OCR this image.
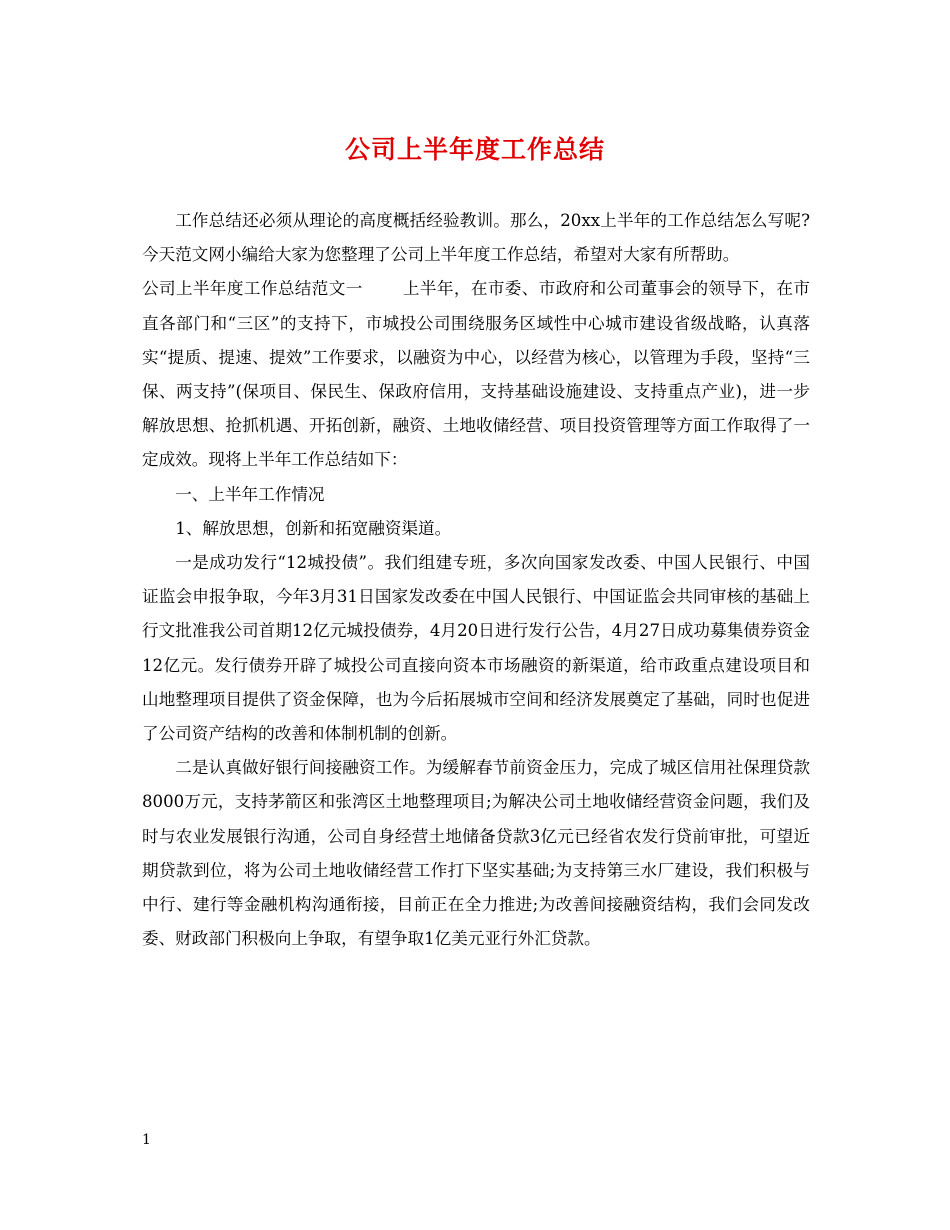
公司上半年度工作总结

工作总结还必须从理论的高度概括经验教训。那么，20xx上半年的工作总结怎么写呢?今天范文网小编给大家为您整理了公司上半年度工作总结，希望对大家有所帮助。

公司上半年度工作总结范文一 上半年，在市委、市政府和公司董事会的领导下，在市直各部门和“三区”的支持下，市城投公司围绕服务区域性中心城市建设省级战略，认真落实“提质、提速、提效”工作要求，以融资为中心，以经营为核心，以管理为手段，坚持“三保、两支持”(保项目、保民生、保政府信用，支持基础设施建设、支持重点产业)，进一步解放思想、抢抓机遇、开拓创新，融资、土地收储经营、项目投资管理等方面工作取得了一定成效。现将上半年工作总结如下：

一、上半年工作情况

1、解放思想，创新和拓宽融资渠道。

一是成功发行“12城投债”。我们组建专班，多次向国家发改委、中国人民银行、中国证监会申报争取，今年3月31日国家发改委在中国人民银行、中国证监会共同审核的基础上行文批准我公司首期12亿元城投债券，4月20日进行发行公告，4月27日成功募集债券资金12亿元。发行债券开辟了城投公司直接向资本市场融资的新渠道，给市政重点建设项目和山地整理项目提供了资金保障，也为今后拓展城市空间和经济发展奠定了基础，同时也促进了公司资产结构的改善和体制机制的创新。

二是认真做好银行间接融资工作。为缓解春节前资金压力，完成了城区信用社保理贷款8000万元，支持茅箭区和张湾区土地整理项目;为解决公司土地收储经营资金问题，我们及时与农业发展银行沟通，公司自身经营土地储备贷款3亿元已经省农发行贷前审批，可望近期贷款到位，将为公司土地收储经营工作打下坚实基础;为支持第三水厂建设，我们积极与中行、建行等金融机构沟通衔接，目前正在全力推进;为改善间接融资结构，我们会同发改委、财政部门积极向上争取，有望争取1亿美元亚行外汇贷款。

1
